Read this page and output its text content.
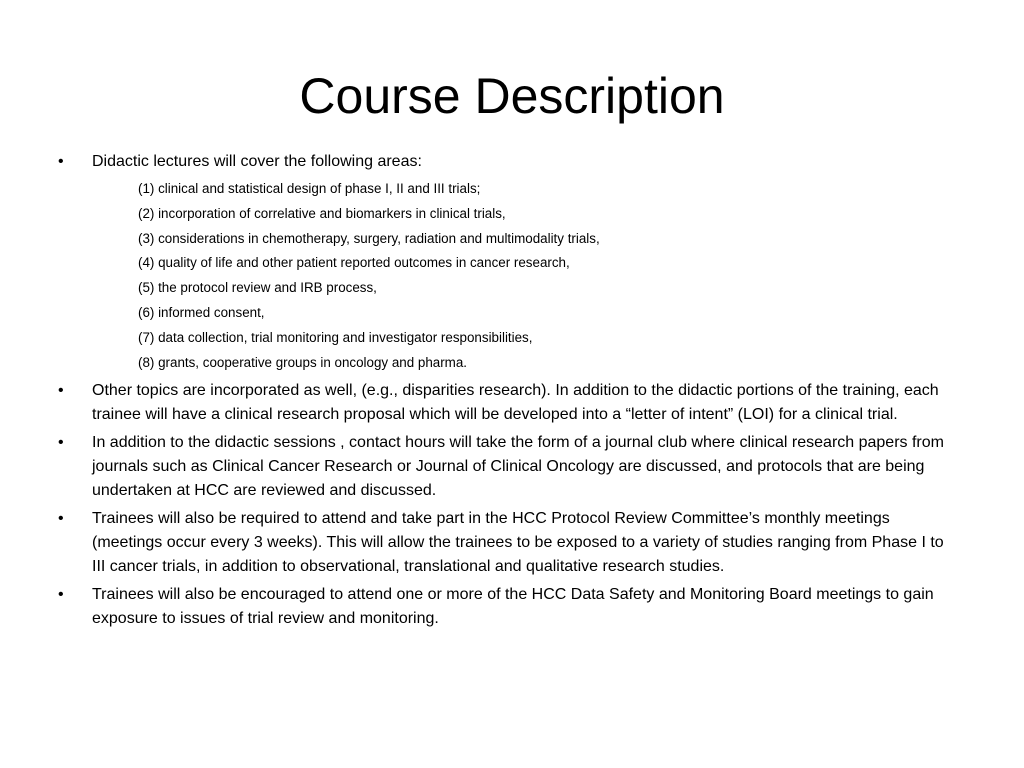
Course Description
•	Didactic lectures will cover the following areas:
(1) clinical and statistical design of phase I, II and III trials;
(2) incorporation of correlative and biomarkers in clinical trials,
(3) considerations in chemotherapy, surgery, radiation and multimodality trials,
(4) quality of life and other patient reported outcomes in cancer research,
(5) the protocol review and IRB process,
(6) informed consent,
(7) data collection, trial monitoring and investigator responsibilities,
(8) grants, cooperative groups in oncology and pharma.
•	Other topics are incorporated as well, (e.g., disparities research). In addition to the didactic portions of the training, each trainee will have a clinical research proposal which will be developed into a “letter of intent” (LOI) for a clinical trial.
•	In addition to the didactic sessions , contact hours will take the form of a journal club where clinical research papers from journals such as Clinical Cancer Research or Journal of Clinical Oncology are discussed, and protocols that are being undertaken at HCC are reviewed and discussed.
•	Trainees will also be required to attend and take part in the HCC Protocol Review Committee’s monthly meetings (meetings occur every 3 weeks). This will allow the trainees to be exposed to a variety of studies ranging from Phase I to III cancer trials, in addition to observational, translational and qualitative research studies.
•	Trainees will also be encouraged to attend one or more of the HCC Data Safety and Monitoring Board meetings to gain exposure to issues of trial review and monitoring.
